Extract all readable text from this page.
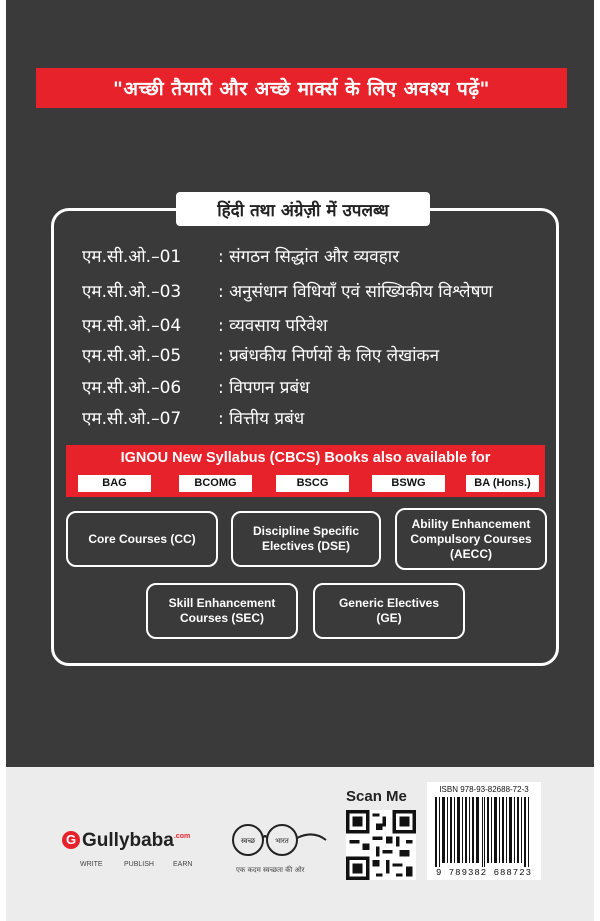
"अच्छी तैयारी और अच्छे मार्क्स के लिए अवश्य पढ़ें"
हिंदी तथा अंग्रेज़ी में उपलब्ध
एम.सी.ओ.–01 : संगठन सिद्धांत और व्यवहार
एम.सी.ओ.–03 : अनुसंधान विधियाँ एवं सांख्यिकीय विश्लेषण
एम.सी.ओ.–04 : व्यवसाय परिवेश
एम.सी.ओ.–05 : प्रबंधकीय निर्णयों के लिए लेखांकन
एम.सी.ओ.–06 : विपणन प्रबंध
एम.सी.ओ.–07 : वित्तीय प्रबंध
IGNOU New Syllabus (CBCS) Books also available for
BAG	BCOMG	BSCG	BSWG	BA (Hons.)
Core Courses (CC)
Discipline Specific
Electives (DSE)
Ability Enhancement
Compulsory Courses
(AECC)
Skill Enhancement
Courses (SEC)
Generic Electives
(GE)
G Gullybaba$^{.com}$
WRITE	PUBLISH	EARN
स्वच्छ	भारत
एक कदम स्वच्छता की ओर
Scan Me	ISBN 978-93-82688-72-3
9 789382 688723
